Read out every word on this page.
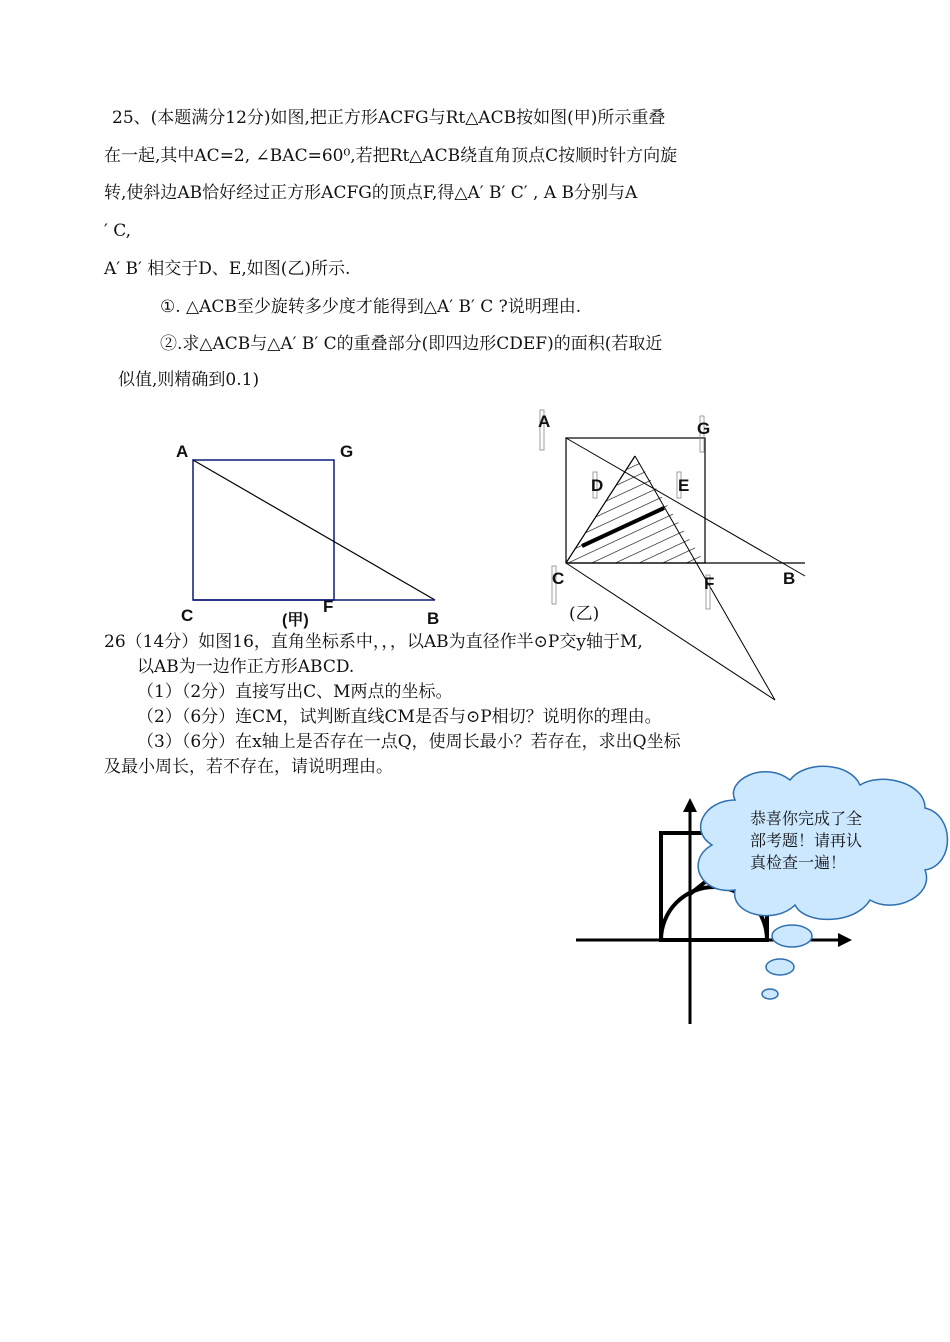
25、(本题满分12分)如图,把正方形ACFG与Rt△ACB按如图(甲)所示重叠
在一起,其中AC=2, ∠BAC=60⁰,若把Rt△ACB绕直角顶点C按顺时针方向旋
转,使斜边AB恰好经过正方形ACFG的顶点F,得△A′ B′ C′ , A B分别与A
′ C,
A′ B′ 相交于D、E,如图(乙)所示.
①. △ACB至少旋转多少度才能得到△A′ B′ C ?说明理由.
②.求△ACB与△A′ B′ C的重叠部分(即四边形CDEF)的面积(若取近
似值,则精确到0.1)
A	G
C	F
B
(甲)
A	G
D	E
C	F	B
(乙)
26（14分）如图16，直角坐标系中，，，以AB为直径作半⊙P交y轴于M,
以AB为一边作正方形ABCD.
（1）（2分）直接写出C、M两点的坐标。
（2）（6分）连CM，试判断直线CM是否与⊙P相切？说明你的理由。
（3）（6分）在x轴上是否存在一点Q，使周长最小？若存在，求出Q坐标
及最小周长，若不存在，请说明理由。
恭喜你完成了全
部考题！请再认
真检查一遍！
